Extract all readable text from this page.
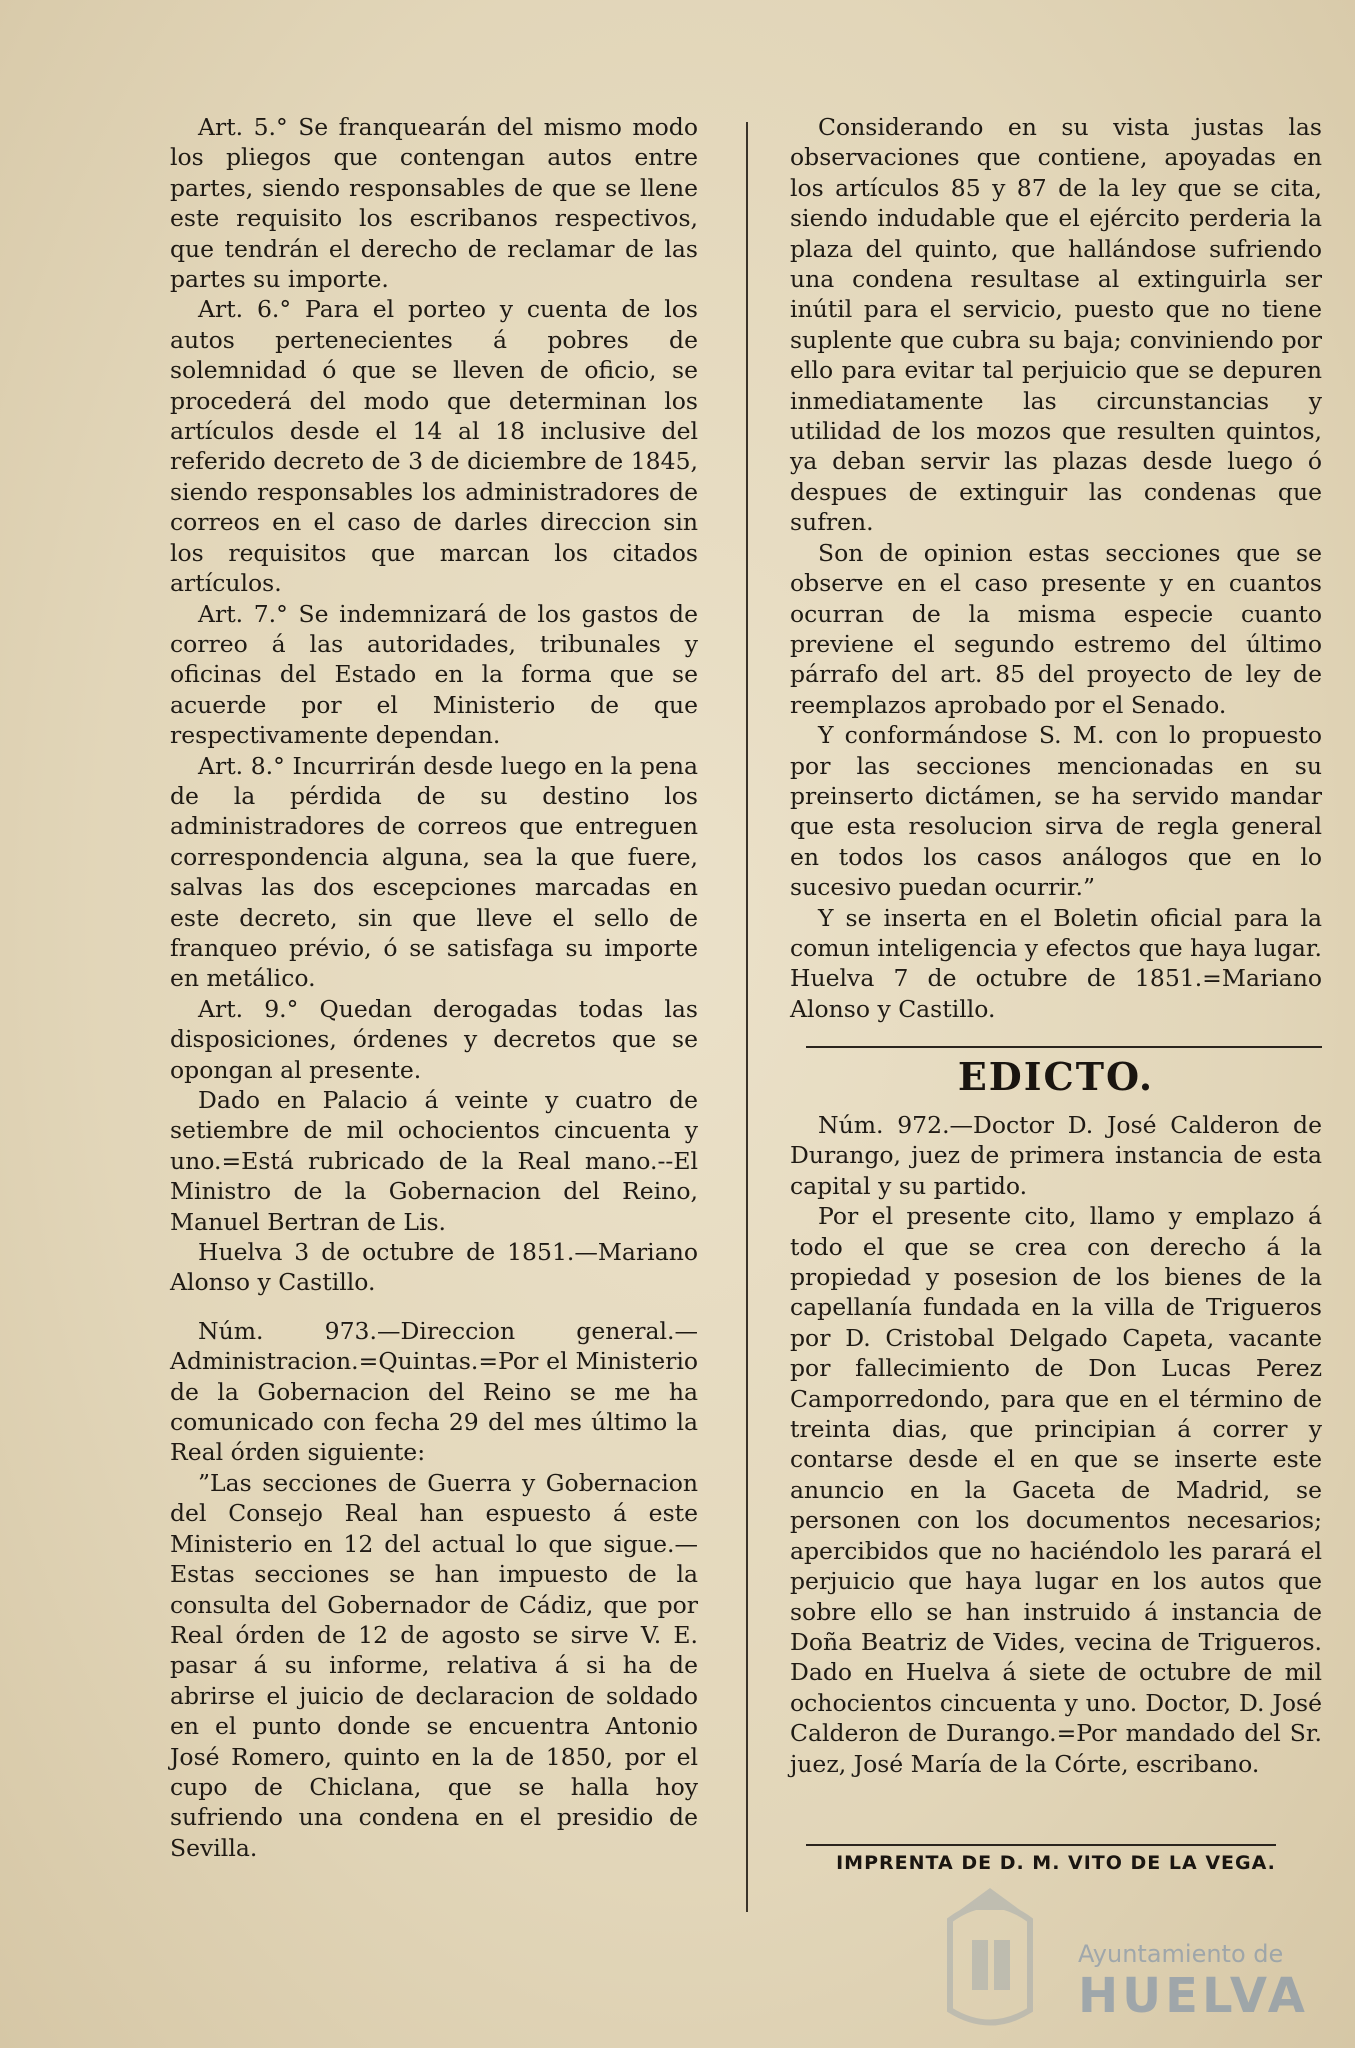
Art. 5.° Se franquearán del mismo modo los pliegos que contengan autos entre partes, siendo responsables de que se llene este requisito los escribanos respectivos, que tendrán el derecho de reclamar de las partes su importe.

Art. 6.° Para el porteo y cuenta de los autos pertenecientes á pobres de solemnidad ó que se lleven de oficio, se procederá del modo que determinan los artículos desde el 14 al 18 inclusive del referido decreto de 3 de diciembre de 1845, siendo responsables los administradores de correos en el caso de darles direccion sin los requisitos que marcan los citados artículos.

Art. 7.° Se indemnizará de los gastos de correo á las autoridades, tribunales y oficinas del Estado en la forma que se acuerde por el Ministerio de que respectivamente dependan.

Art. 8.° Incurrirán desde luego en la pena de la pérdida de su destino los administradores de correos que entreguen correspondencia alguna, sea la que fuere, salvas las dos escepciones marcadas en este decreto, sin que lleve el sello de franqueo prévio, ó se satisfaga su importe en metálico.

Art. 9.° Quedan derogadas todas las disposiciones, órdenes y decretos que se opongan al presente.

Dado en Palacio á veinte y cuatro de setiembre de mil ochocientos cincuenta y uno.=Está rubricado de la Real mano.--El Ministro de la Gobernacion del Reino, Manuel Bertran de Lis.

Huelva 3 de octubre de 1851.—Mariano Alonso y Castillo.

Núm. 973.—Direccion general.—Administracion.=Quintas.=Por el Ministerio de la Gobernacion del Reino se me ha comunicado con fecha 29 del mes último la Real órden siguiente:

”Las secciones de Guerra y Gobernacion del Consejo Real han espuesto á este Ministerio en 12 del actual lo que sigue.—Estas secciones se han impuesto de la consulta del Gobernador de Cádiz, que por Real órden de 12 de agosto se sirve V. E. pasar á su informe, relativa á si ha de abrirse el juicio de declaracion de soldado en el punto donde se encuentra Antonio José Romero, quinto en la de 1850, por el cupo de Chiclana, que se halla hoy sufriendo una condena en el presidio de Sevilla.

Considerando en su vista justas las observaciones que contiene, apoyadas en los artículos 85 y 87 de la ley que se cita, siendo indudable que el ejército perderia la plaza del quinto, que hallándose sufriendo una condena resultase al extinguirla ser inútil para el servicio, puesto que no tiene suplente que cubra su baja; conviniendo por ello para evitar tal perjuicio que se depuren inmediatamente las circunstancias y utilidad de los mozos que resulten quintos, ya deban servir las plazas desde luego ó despues de extinguir las condenas que sufren.

Son de opinion estas secciones que se observe en el caso presente y en cuantos ocurran de la misma especie cuanto previene el segundo estremo del último párrafo del art. 85 del proyecto de ley de reemplazos aprobado por el Senado.

Y conformándose S. M. con lo propuesto por las secciones mencionadas en su preinserto dictámen, se ha servido mandar que esta resolucion sirva de regla general en todos los casos análogos que en lo sucesivo puedan ocurrir.”

Y se inserta en el Boletin oficial para la comun inteligencia y efectos que haya lugar. Huelva 7 de octubre de 1851.=Mariano Alonso y Castillo.

EDICTO.

Núm. 972.—Doctor D. José Calderon de Durango, juez de primera instancia de esta capital y su partido.

Por el presente cito, llamo y emplazo á todo el que se crea con derecho á la propiedad y posesion de los bienes de la capellanía fundada en la villa de Trigueros por D. Cristobal Delgado Capeta, vacante por fallecimiento de Don Lucas Perez Camporredondo, para que en el término de treinta dias, que principian á correr y contarse desde el en que se inserte este anuncio en la Gaceta de Madrid, se personen con los documentos necesarios; apercibidos que no haciéndolo les parará el perjuicio que haya lugar en los autos que sobre ello se han instruido á instancia de Doña Beatriz de Vides, vecina de Trigueros. Dado en Huelva á siete de octubre de mil ochocientos cincuenta y uno. Doctor, D. José Calderon de Durango.=Por mandado del Sr. juez, José María de la Córte, escribano.

IMPRENTA DE D. M. VITO DE LA VEGA.
Ayuntamiento de
HUELVA
